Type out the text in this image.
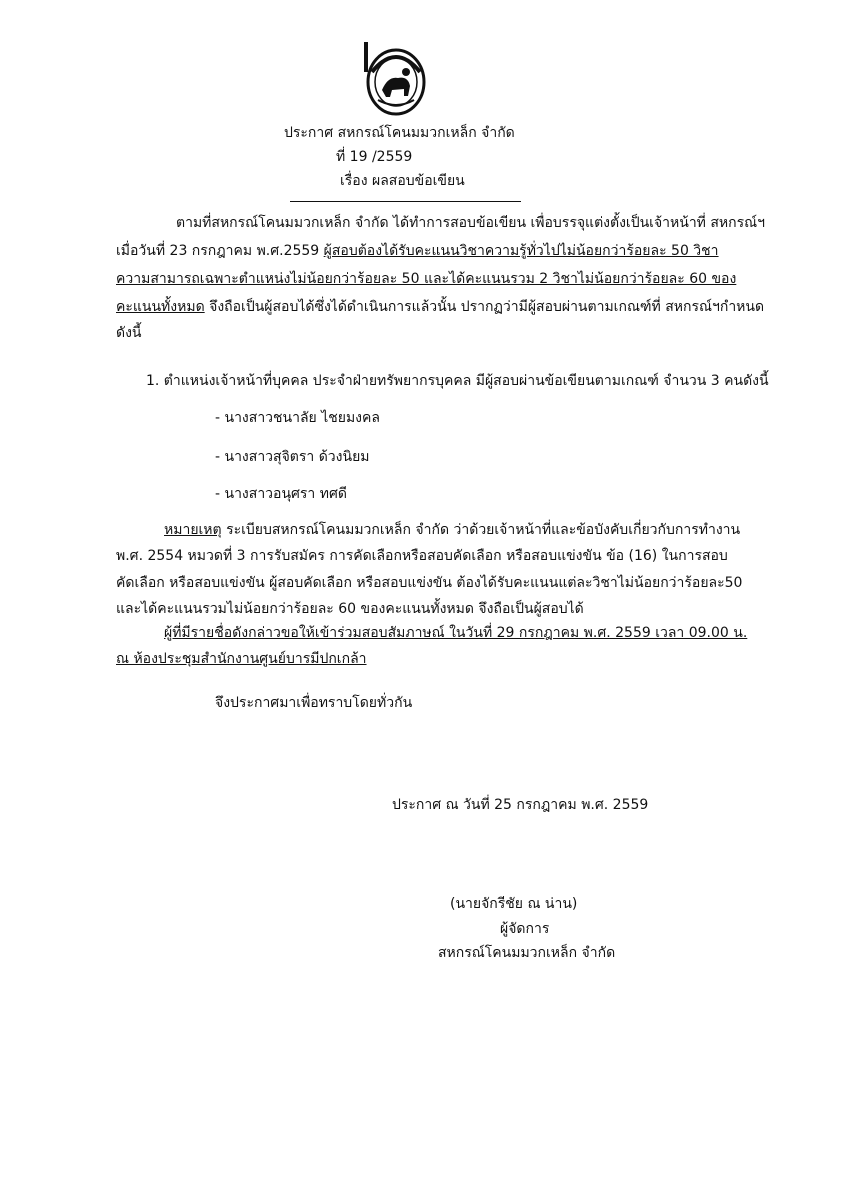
ประกาศ สหกรณ์โคนมมวกเหล็ก จำกัด
ที่ 19 /2559
เรื่อง ผลสอบข้อเขียน
ตามที่สหกรณ์โคนมมวกเหล็ก จำกัด ได้ทำการสอบข้อเขียน เพื่อบรรจุแต่งตั้งเป็นเจ้าหน้าที่ สหกรณ์ฯ
เมื่อวันที่ 23 กรกฎาคม พ.ศ.2559 ผู้สอบต้องได้รับคะแนนวิชาความรู้ทั่วไปไม่น้อยกว่าร้อยละ 50 วิชา
ความสามารถเฉพาะตำแหน่งไม่น้อยกว่าร้อยละ 50 และได้คะแนนรวม 2 วิชาไม่น้อยกว่าร้อยละ 60 ของ
คะแนนทั้งหมด จึงถือเป็นผู้สอบได้ซึ่งได้ดำเนินการแล้วนั้น ปรากฏว่ามีผู้สอบผ่านตามเกณฑ์ที่ สหกรณ์ฯกำหนด
ดังนี้
1. ตำแหน่งเจ้าหน้าที่บุคคล ประจำฝ่ายทรัพยากรบุคคล มีผู้สอบผ่านข้อเขียนตามเกณฑ์ จำนวน 3 คนดังนี้
- นางสาวชนาลัย ไชยมงคล
- นางสาวสุจิตรา ด้วงนิยม
- นางสาวอนุศรา ทศดี
หมายเหตุ ระเบียบสหกรณ์โคนมมวกเหล็ก จำกัด ว่าด้วยเจ้าหน้าที่และข้อบังคับเกี่ยวกับการทำงาน
พ.ศ. 2554 หมวดที่ 3 การรับสมัคร การคัดเลือกหรือสอบคัดเลือก หรือสอบแข่งขัน ข้อ (16) ในการสอบ
คัดเลือก หรือสอบแข่งขัน ผู้สอบคัดเลือก หรือสอบแข่งขัน ต้องได้รับคะแนนแต่ละวิชาไม่น้อยกว่าร้อยละ50
และได้คะแนนรวมไม่น้อยกว่าร้อยละ 60 ของคะแนนทั้งหมด จึงถือเป็นผู้สอบได้
ผู้ที่มีรายชื่อดังกล่าวขอให้เข้าร่วมสอบสัมภาษณ์ ในวันที่ 29 กรกฎาคม พ.ศ. 2559 เวลา 09.00 น.
ณ ห้องประชุมสำนักงานศูนย์บารมีปกเกล้า
จึงประกาศมาเพื่อทราบโดยทั่วกัน
ประกาศ ณ วันที่ 25 กรกฎาคม พ.ศ. 2559
(นายจักรีชัย ณ น่าน)
ผู้จัดการ
สหกรณ์โคนมมวกเหล็ก จำกัด
